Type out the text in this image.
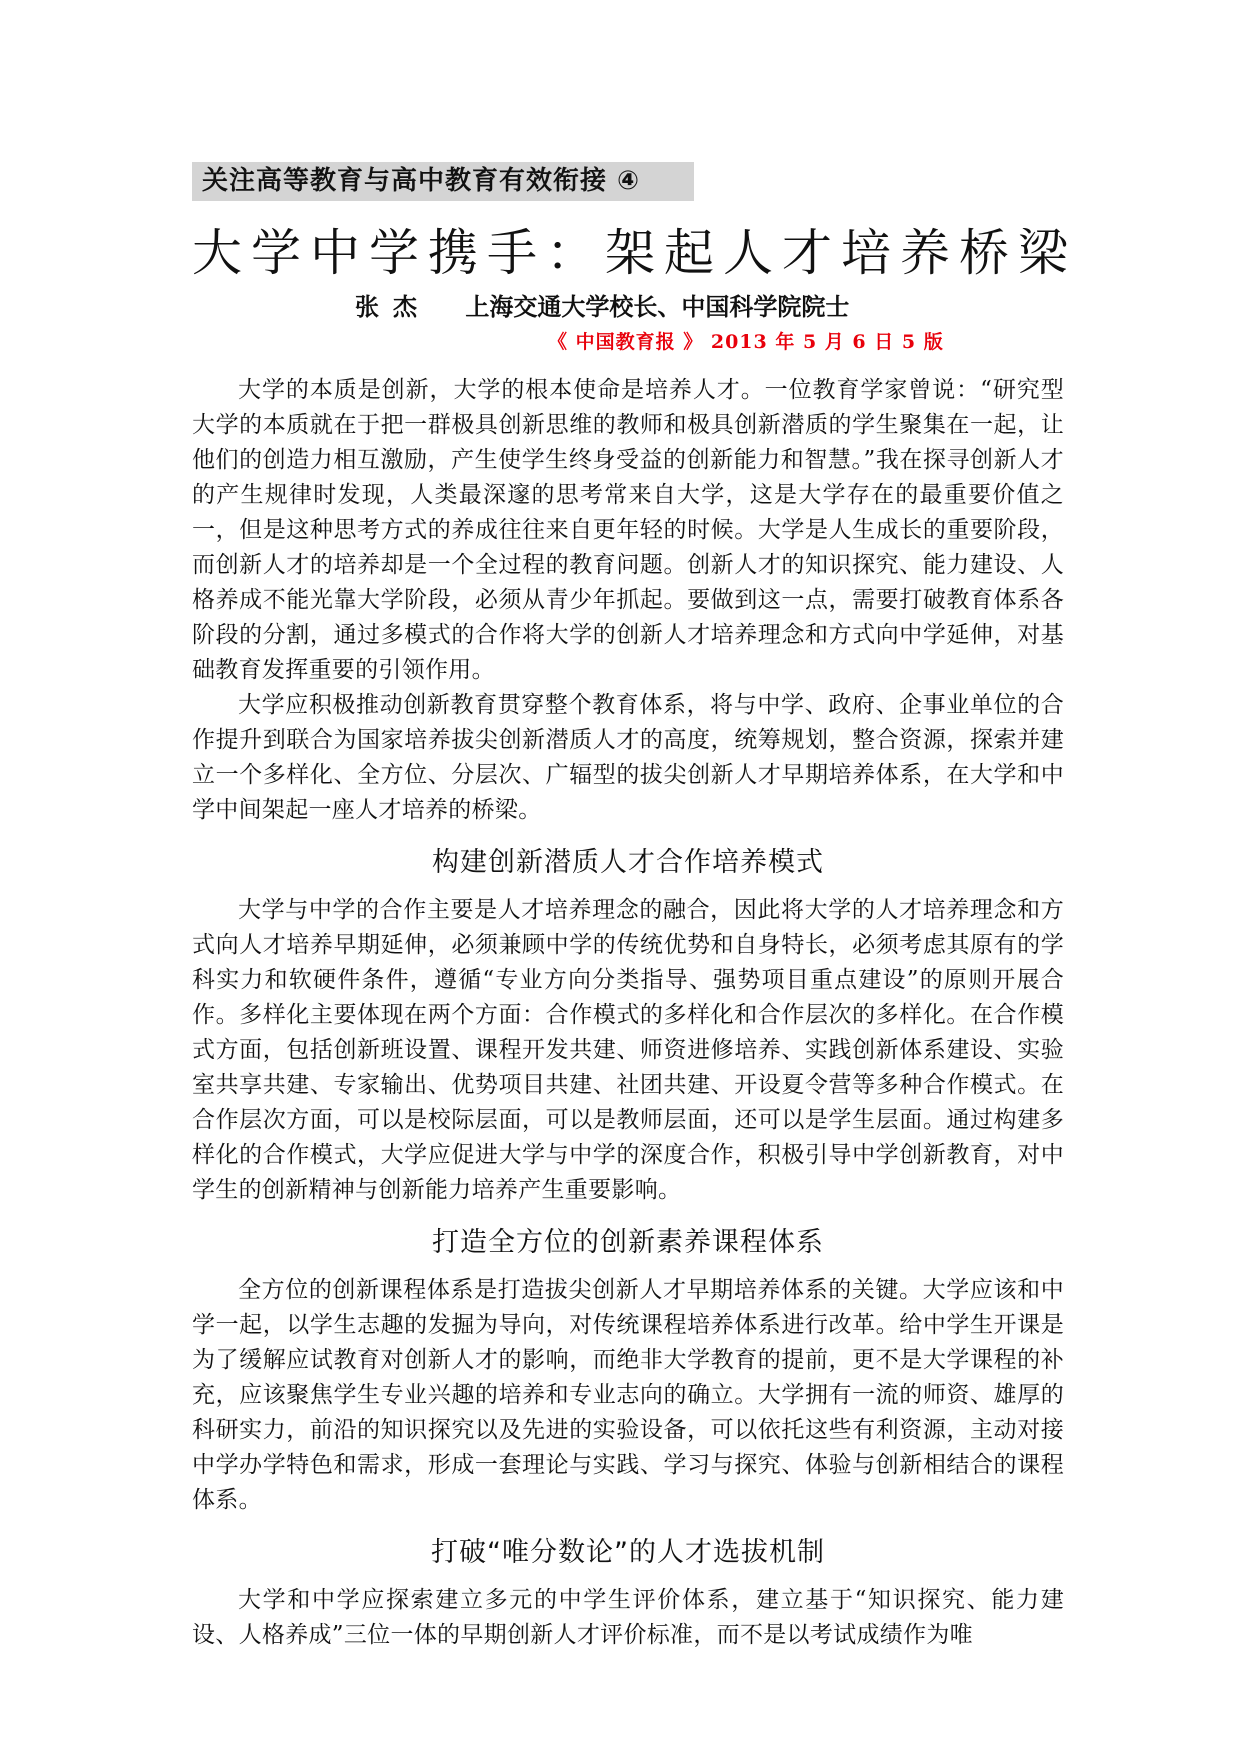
关注高等教育与高中教育有效衔接 ④
大学中学携手：架起人才培养桥梁
张杰 上海交通大学校长、中国科学院院士
《 中国教育报 》 2013 年 5 月 6 日 5 版

大学的本质是创新，大学的根本使命是培养人才。一位教育学家曾说：“研究型大学的本质就在于把一群极具创新思维的教师和极具创新潜质的学生聚集在一起，让他们的创造力相互激励，产生使学生终身受益的创新能力和智慧。”我在探寻创新人才的产生规律时发现，人类最深邃的思考常来自大学，这是大学存在的最重要价值之一，但是这种思考方式的养成往往来自更年轻的时候。大学是人生成长的重要阶段，而创新人才的培养却是一个全过程的教育问题。创新人才的知识探究、能力建设、人格养成不能光靠大学阶段，必须从青少年抓起。要做到这一点，需要打破教育体系各阶段的分割，通过多模式的合作将大学的创新人才培养理念和方式向中学延伸，对基础教育发挥重要的引领作用。

大学应积极推动创新教育贯穿整个教育体系，将与中学、政府、企事业单位的合作提升到联合为国家培养拔尖创新潜质人才的高度，统筹规划，整合资源，探索并建立一个多样化、全方位、分层次、广辐型的拔尖创新人才早期培养体系，在大学和中学中间架起一座人才培养的桥梁。

构建创新潜质人才合作培养模式

大学与中学的合作主要是人才培养理念的融合，因此将大学的人才培养理念和方式向人才培养早期延伸，必须兼顾中学的传统优势和自身特长，必须考虑其原有的学科实力和软硬件条件，遵循“专业方向分类指导、强势项目重点建设”的原则开展合作。多样化主要体现在两个方面：合作模式的多样化和合作层次的多样化。在合作模式方面，包括创新班设置、课程开发共建、师资进修培养、实践创新体系建设、实验室共享共建、专家输出、优势项目共建、社团共建、开设夏令营等多种合作模式。在合作层次方面，可以是校际层面，可以是教师层面，还可以是学生层面。通过构建多样化的合作模式，大学应促进大学与中学的深度合作，积极引导中学创新教育，对中学生的创新精神与创新能力培养产生重要影响。

打造全方位的创新素养课程体系

全方位的创新课程体系是打造拔尖创新人才早期培养体系的关键。大学应该和中学一起，以学生志趣的发掘为导向，对传统课程培养体系进行改革。给中学生开课是为了缓解应试教育对创新人才的影响，而绝非大学教育的提前，更不是大学课程的补充，应该聚焦学生专业兴趣的培养和专业志向的确立。大学拥有一流的师资、雄厚的科研实力，前沿的知识探究以及先进的实验设备，可以依托这些有利资源，主动对接中学办学特色和需求，形成一套理论与实践、学习与探究、体验与创新相结合的课程体系。

打破“唯分数论”的人才选拔机制

大学和中学应探索建立多元的中学生评价体系，建立基于“知识探究、能力建设、人格养成”三位一体的早期创新人才评价标准，而不是以考试成绩作为唯
